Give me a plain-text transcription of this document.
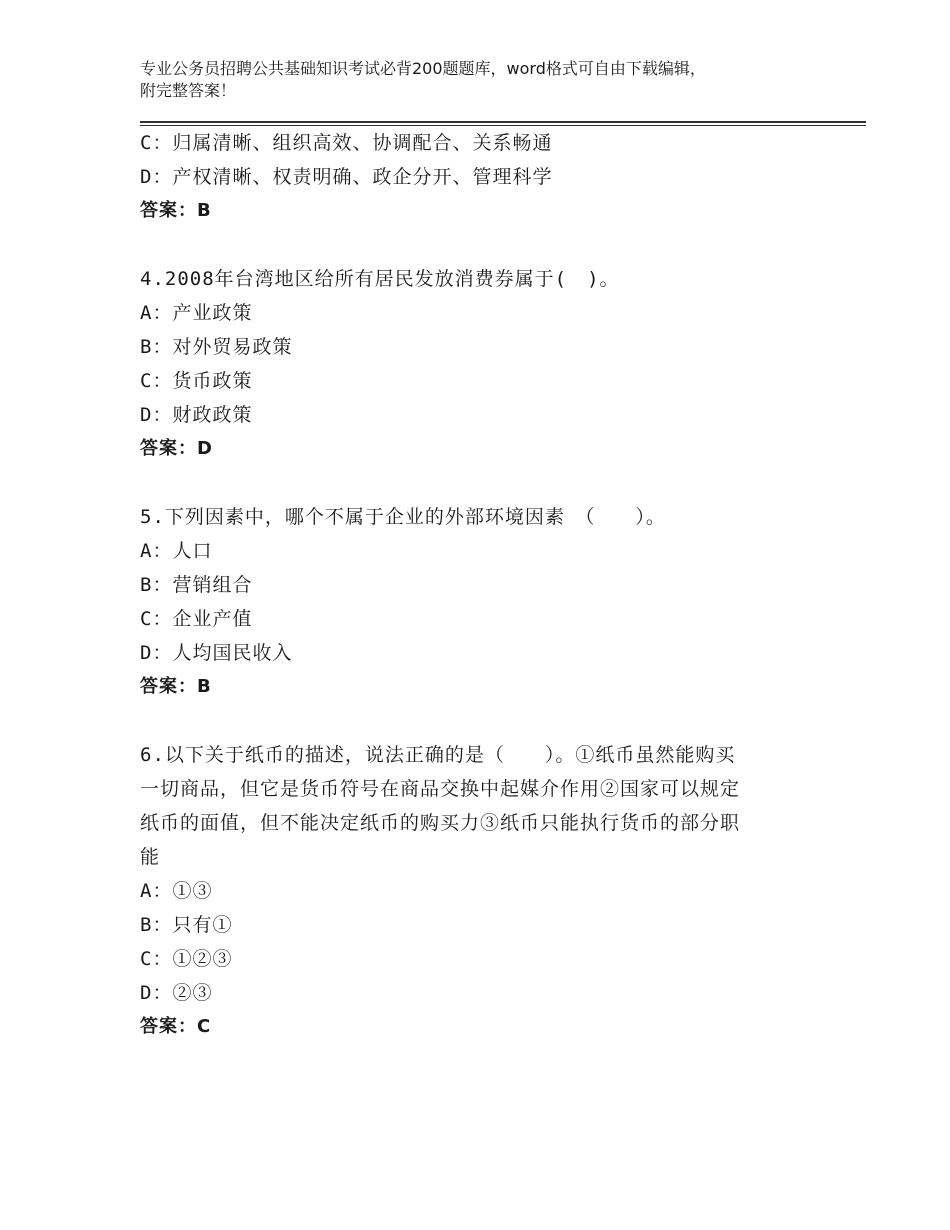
专业公务员招聘公共基础知识考试必背200题题库，word格式可自由下载编辑，
附完整答案！
C：归属清晰、组织高效、协调配合、关系畅通
D：产权清晰、权责明确、政企分开、管理科学
答案：B
4.2008年台湾地区给所有居民发放消费券属于(　)。
A：产业政策
B：对外贸易政策
C：货币政策
D：财政政策
答案：D
5.下列因素中，哪个不属于企业的外部环境因素　（　　）。
A：人口
B：营销组合
C：企业产值
D：人均国民收入
答案：B
6.以下关于纸币的描述，说法正确的是（　　）。①纸币虽然能购买
一切商品，但它是货币符号在商品交换中起媒介作用②国家可以规定
纸币的面值，但不能决定纸币的购买力③纸币只能执行货币的部分职
能
A：①③
B：只有①
C：①②③
D：②③
答案：C
